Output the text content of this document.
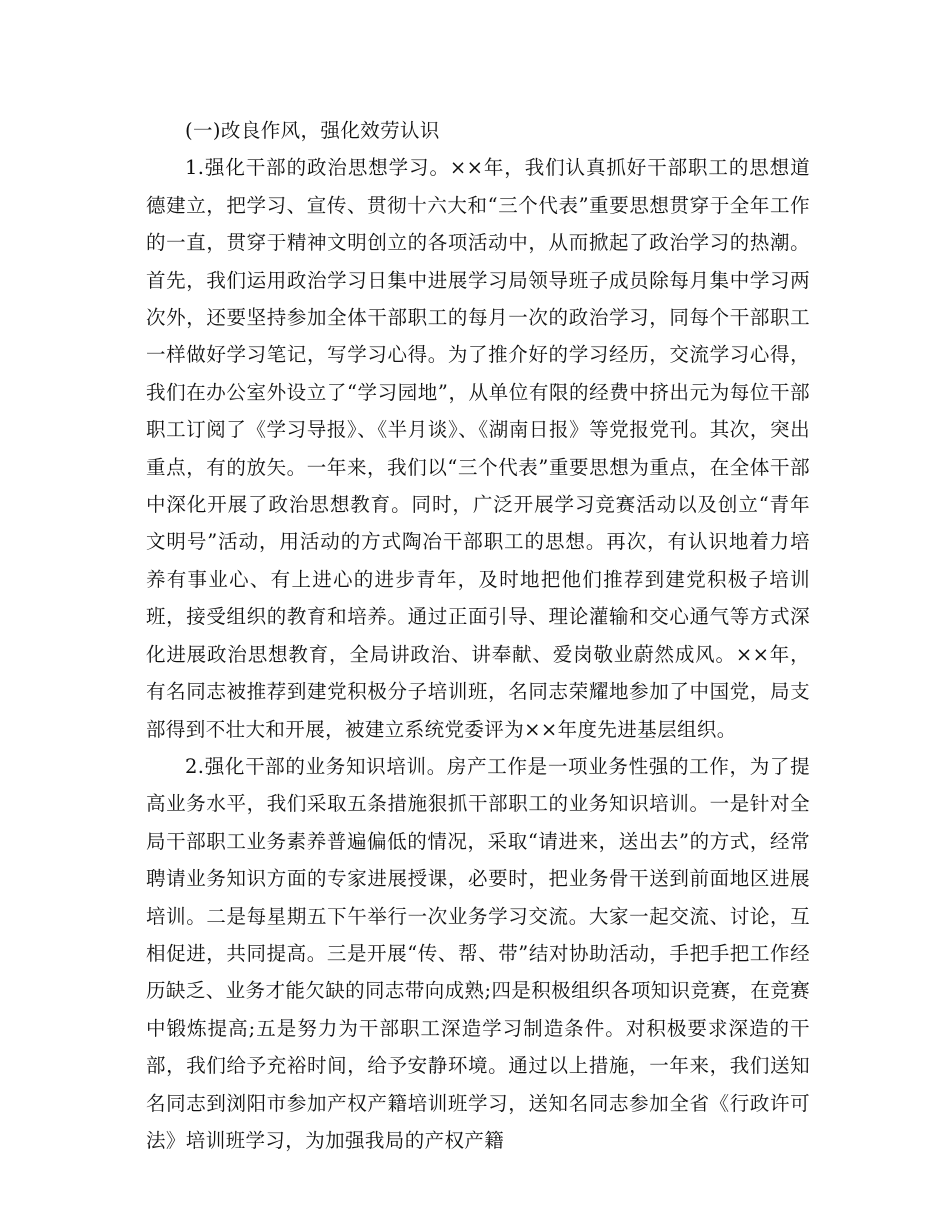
(一)改良作风，强化效劳认识

1.强化干部的政治思想学习。××年，我们认真抓好干部职工的思想道德建立，把学习、宣传、贯彻十六大和“三个代表”重要思想贯穿于全年工作的一直，贯穿于精神文明创立的各项活动中，从而掀起了政治学习的热潮。首先，我们运用政治学习日集中进展学习局领导班子成员除每月集中学习两次外，还要坚持参加全体干部职工的每月一次的政治学习，同每个干部职工一样做好学习笔记，写学习心得。为了推介好的学习经历，交流学习心得，我们在办公室外设立了“学习园地”，从单位有限的经费中挤出元为每位干部职工订阅了《学习导报》、《半月谈》、《湖南日报》等党报党刊。其次，突出重点，有的放矢。一年来，我们以“三个代表”重要思想为重点，在全体干部中深化开展了政治思想教育。同时，广泛开展学习竞赛活动以及创立“青年文明号”活动，用活动的方式陶冶干部职工的思想。再次，有认识地着力培养有事业心、有上进心的进步青年，及时地把他们推荐到建党积极子培训班，接受组织的教育和培养。通过正面引导、理论灌输和交心通气等方式深化进展政治思想教育，全局讲政治、讲奉献、爱岗敬业蔚然成风。××年，有名同志被推荐到建党积极分子培训班，名同志荣耀地参加了中国党，局支部得到不壮大和开展，被建立系统党委评为××年度先进基层组织。

2.强化干部的业务知识培训。房产工作是一项业务性强的工作，为了提高业务水平，我们采取五条措施狠抓干部职工的业务知识培训。一是针对全局干部职工业务素养普遍偏低的情况，采取“请进来，送出去”的方式，经常聘请业务知识方面的专家进展授课，必要时，把业务骨干送到前面地区进展培训。二是每星期五下午举行一次业务学习交流。大家一起交流、讨论，互相促进，共同提高。三是开展“传、帮、带”结对协助活动，手把手把工作经历缺乏、业务才能欠缺的同志带向成熟;四是积极组织各项知识竞赛，在竞赛中锻炼提高;五是努力为干部职工深造学习制造条件。对积极要求深造的干部，我们给予充裕时间，给予安静环境。通过以上措施，一年来，我们送知名同志到浏阳市参加产权产籍培训班学习，送知名同志参加全省《行政许可法》培训班学习，为加强我局的产权产籍
